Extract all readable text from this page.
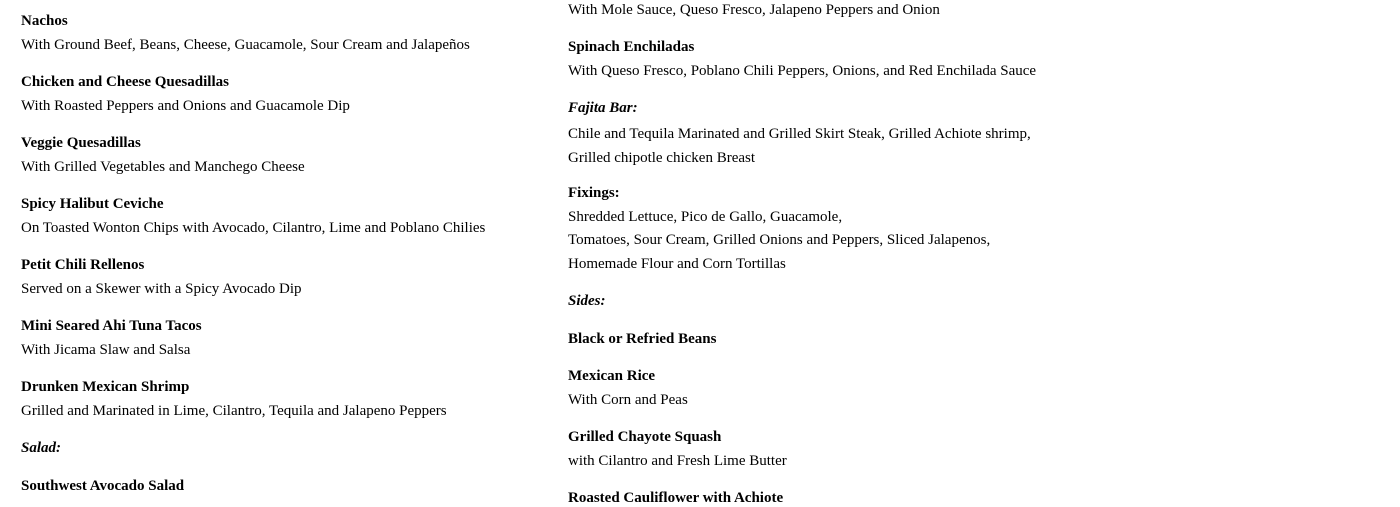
Nachos
With Ground Beef, Beans, Cheese, Guacamole, Sour Cream and Jalapeños
Chicken and Cheese Quesadillas
With Roasted Peppers and Onions and Guacamole Dip
Veggie Quesadillas
With Grilled Vegetables and Manchego Cheese
Spicy Halibut Ceviche
On Toasted Wonton Chips with Avocado, Cilantro, Lime and Poblano Chilies
Petit Chili Rellenos
Served on a Skewer with a Spicy Avocado Dip
Mini Seared Ahi Tuna Tacos
With Jicama Slaw and Salsa
Drunken Mexican Shrimp
Grilled and Marinated in Lime, Cilantro, Tequila and Jalapeno Peppers
Salad:
Southwest Avocado Salad
With Mole Sauce, Queso Fresco, Jalapeno Peppers and Onion
Spinach Enchiladas
With Queso Fresco, Poblano Chili Peppers, Onions, and Red Enchilada Sauce
Fajita Bar:
Chile and Tequila Marinated and Grilled Skirt Steak, Grilled Achiote shrimp, Grilled chipotle chicken Breast
Fixings:
Shredded Lettuce, Pico de Gallo, Guacamole,
Tomatoes, Sour Cream, Grilled Onions and Peppers, Sliced Jalapenos,
Homemade Flour and Corn Tortillas
Sides:
Black or Refried Beans
Mexican Rice
With Corn and Peas
Grilled Chayote Squash
with Cilantro and Fresh Lime Butter
Roasted Cauliflower with Achiote
